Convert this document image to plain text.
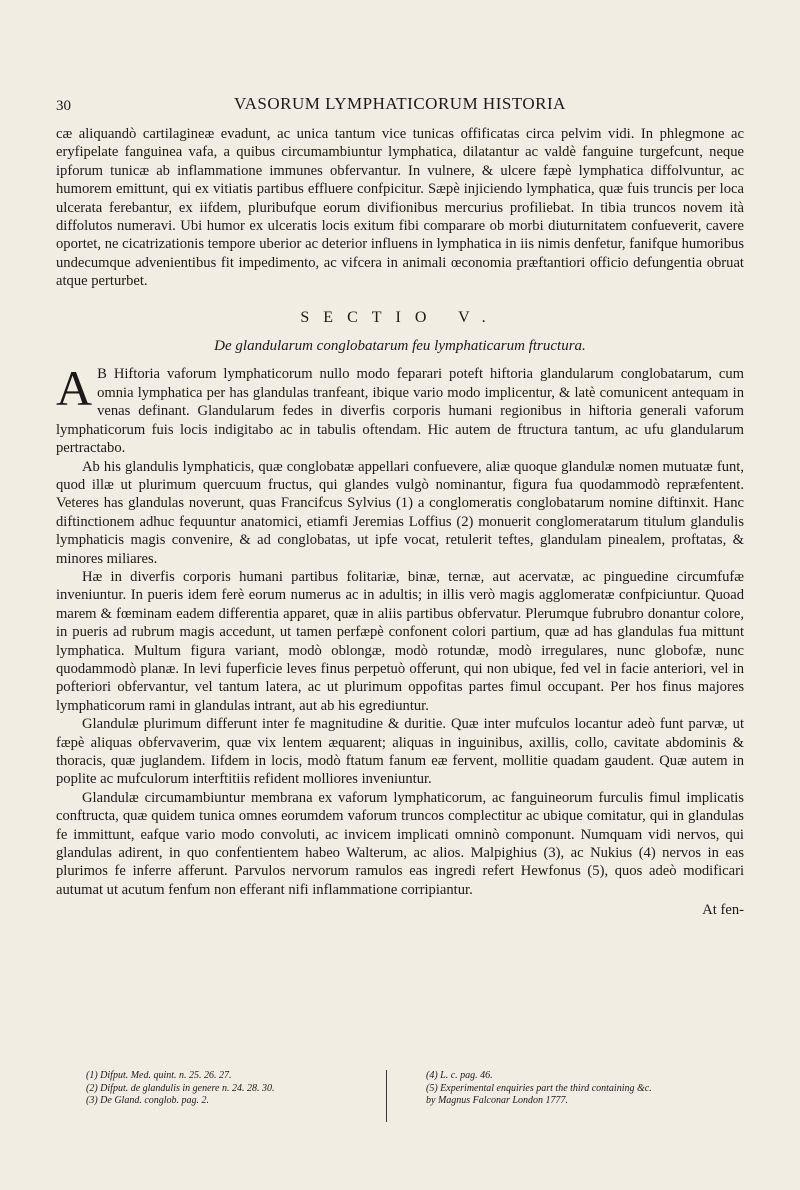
30	VASORUM LYMPHATICORUM HISTORIA

cæ aliquandò cartilagineæ evadunt, ac unica tantum vice tunicas offificatas circa pelvim vidi. In phlegmone ac eryfipelate fanguinea vafa, a quibus circumambiuntur lymphatica, dilatantur ac valdè fanguine turgefcunt, neque ipforum tunicæ ab inflammatione immunes obfervantur. In vulnere, & ulcere fæpè lymphatica diffolvuntur, ac humorem emittunt, qui ex vitiatis partibus effluere confpicitur. Sæpè injiciendo lymphatica, quæ fuis truncis per loca ulcerata ferebantur, ex iifdem, pluribufque eorum divifionibus mercurius profiliebat. In tibia truncos novem ità diffolutos numeravi. Ubi humor ex ulceratis locis exitum fibi comparare ob morbi diuturnitatem confueverit, cavere oportet, ne cicatrizationis tempore uberior ac deterior influens in lymphatica in iis nimis denfetur, fanifque humoribus undecumque advenientibus fit impedimento, ac vifcera in animali œconomia præftantiori officio defungentia obruat atque perturbet.

SECTIO V.
De glandularum conglobatarum feu lymphaticarum ftructura.

A B Hiftoria vaforum lymphaticorum nullo modo feparari poteft hiftoria glandularum conglobatarum, cum omnia lymphatica per has glandulas tranfeant, ibique vario modo implicentur, & latè comunicent antequam in venas definant. Glandularum fedes in diverfis corporis humani regionibus in hiftoria generali vaforum lymphaticorum fuis locis indigitabo ac in tabulis oftendam. Hic autem de ftructura tantum, ac ufu glandularum pertractabo.

Ab his glandulis lymphaticis, quæ conglobatæ appellari confuevere, aliæ quoque glandulæ nomen mutuatæ funt, quod illæ ut plurimum quercuum fructus, qui glandes vulgò nominantur, figura fua quodammodò repræfentent. Veteres has glandulas noverunt, quas Francifcus Sylvius (1) a conglomeratis conglobatarum nomine diftinxit. Hanc diftinctionem adhuc fequuntur anatomici, etiamfi Jeremias Loffius (2) monuerit conglomeratarum titulum glandulis lymphaticis magis convenire, & ad conglobatas, ut ipfe vocat, retulerit teftes, glandulam pinealem, proftatas, & minores miliares.

Hæ in diverfis corporis humani partibus folitariæ, binæ, ternæ, aut acervatæ, ac pinguedine circumfufæ inveniuntur. In pueris idem ferè eorum numerus ac in adultis; in illis verò magis agglomeratæ confpiciuntur. Quoad marem & fœminam eadem differentia apparet, quæ in aliis partibus obfervatur. Plerumque fubrubro donantur colore, in pueris ad rubrum magis accedunt, ut tamen perfæpè confonent colori partium, quæ ad has glandulas fua mittunt lymphatica. Multum figura variant, modò oblongæ, modò rotundæ, modò irregulares, nunc globofæ, nunc quodammodò planæ. In levi fuperficie leves finus perpetuò offerunt, qui non ubique, fed vel in facie anteriori, vel in pofteriori obfervantur, vel tantum latera, ac ut plurimum oppofitas partes fimul occupant. Per hos finus majores lymphaticorum rami in glandulas intrant, aut ab his egrediuntur.

Glandulæ plurimum differunt inter fe magnitudine & duritie. Quæ inter mufculos locantur adeò funt parvæ, ut fæpè aliquas obfervaverim, quæ vix lentem æquarent; aliquas in inguinibus, axillis, collo, cavitate abdominis & thoracis, quæ juglandem. Iifdem in locis, modò ftatum fanum eæ fervent, mollitie quadam gaudent. Quæ autem in poplite ac mufculorum interftitiis refident molliores inveniuntur.

Glandulæ circumambiuntur membrana ex vaforum lymphaticorum, ac fanguineorum furculis fimul implicatis conftructa, quæ quidem tunica omnes eorumdem vaforum truncos complectitur ac ubique comitatur, qui in glandulas fe immittunt, eafque vario modo convoluti, ac invicem implicati omninò componunt. Numquam vidi nervos, qui glandulas adirent, in quo confentientem habeo Walterum, ac alios. Malpighius (3), ac Nukius (4) nervos in eas plurimos fe inferre afferunt. Parvulos nervorum ramulos eas ingredi refert Hewfonus (5), quos adeò modificari autumat ut acutum fenfum non efferant nifi inflammatione corripiantur.

At fen-
(1) Difput. Med. quint. n. 25. 26. 27.
(2) Difput. de glandulis in genere n. 24. 28. 30.
(3) De Gland. conglob. pag. 2.
(4) L. c. pag. 46.
(5) Experimental enquiries part the third containing &c.
by Magnus Falconar London 1777.
